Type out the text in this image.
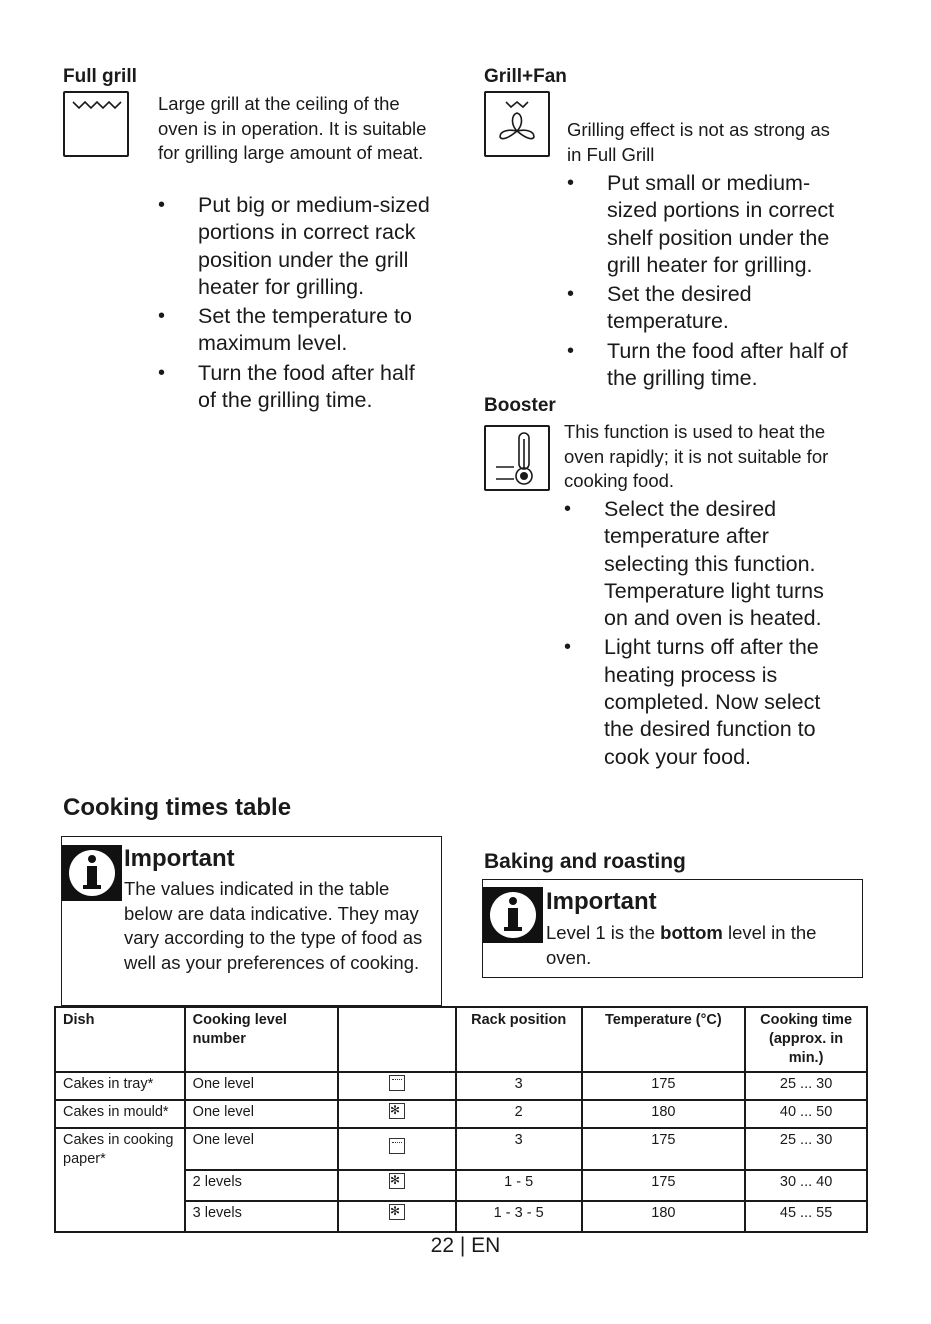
Full grill
Large grill at the ceiling of the oven is in operation. It is suitable for grilling large amount of meat.
• Put big or medium-sized portions in correct rack position under the grill heater for grilling.
• Set the temperature to maximum level.
• Turn the food after half of the grilling time.
Grill+Fan
Grilling effect is not as strong as in Full Grill
• Put small or medium-sized portions in correct shelf position under the grill heater for grilling.
• Set the desired temperature.
• Turn the food after half of the grilling time.
Booster
This function is used to heat the oven rapidly; it is not suitable for cooking food.
• Select the desired temperature after selecting this function. Temperature light turns on and oven is heated.
• Light turns off after the heating process is completed. Now select the desired function to cook your food.
Cooking times table
Important
The values indicated in the table below are data indicative. They may vary according to the type of food as well as your preferences of cooking.
Baking and roasting
Important
Level 1 is the bottom level in the oven.
Dish	Cooking level number		Rack position	Temperature (°C)	Cooking time (approx. in min.)
Cakes in tray*	One level		3	175	25 ... 30
Cakes in mould*	One level	✻	2	180	40 ... 50
Cakes in cooking paper*	One level		3	175	25 ... 30
	2 levels	✻	1 - 5	175	30 ... 40
	3 levels	✻	1 - 3 - 5	180	45 ... 55
22 | EN
